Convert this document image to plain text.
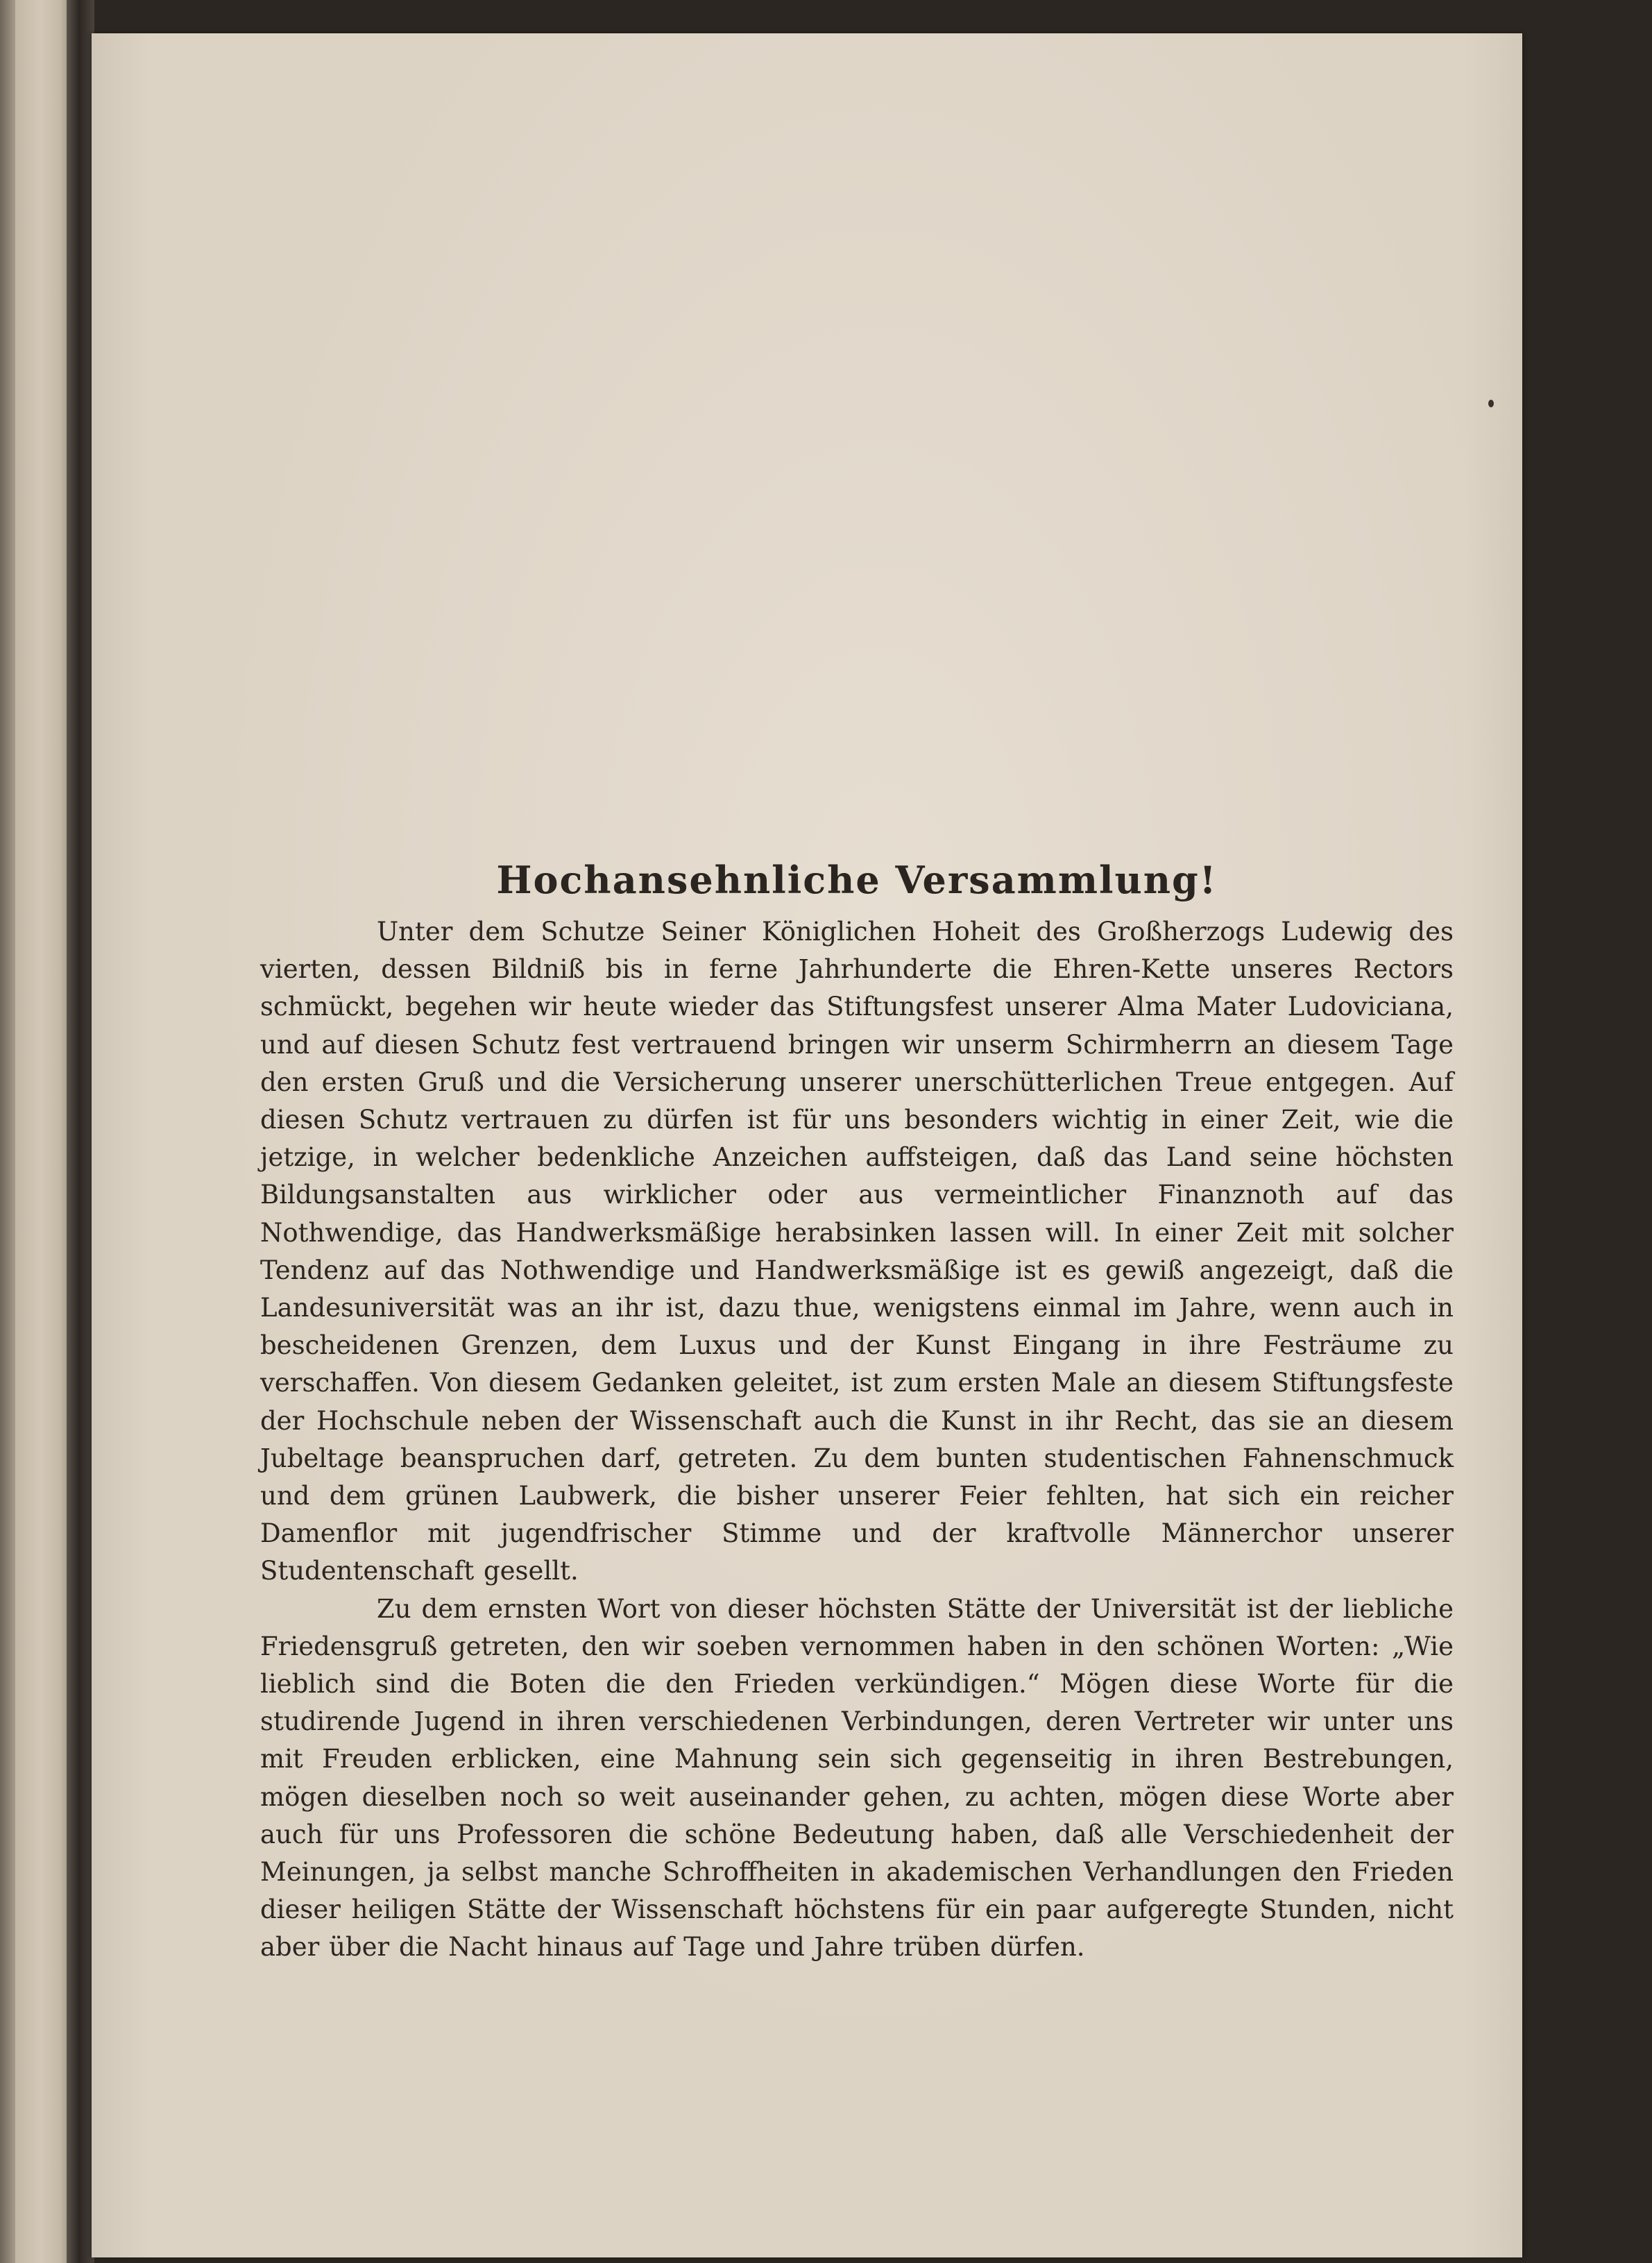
Hochansehnliche Versammlung!

Unter dem Schutze Seiner Königlichen Hoheit des Großherzogs Ludewig des vierten, dessen Bildniß bis in ferne Jahrhunderte die Ehren-Kette unseres Rectors schmückt, begehen wir heute wieder das Stiftungsfest unserer Alma Mater Ludoviciana, und auf diesen Schutz fest vertrauend bringen wir unserm Schirmherrn an diesem Tage den ersten Gruß und die Versicherung unserer unerschütterlichen Treue entgegen. Auf diesen Schutz vertrauen zu dürfen ist für uns besonders wichtig in einer Zeit, wie die jetzige, in welcher bedenkliche Anzeichen auffsteigen, daß das Land seine höchsten Bildungsanstalten aus wirklicher oder aus vermeintlicher Finanznoth auf das Nothwendige, das Handwerksmäßige herabsinken lassen will. In einer Zeit mit solcher Tendenz auf das Nothwendige und Handwerksmäßige ist es gewiß angezeigt, daß die Landesuniversität was an ihr ist, dazu thue, wenigstens einmal im Jahre, wenn auch in bescheidenen Grenzen, dem Luxus und der Kunst Eingang in ihre Festräume zu verschaffen. Von diesem Gedanken geleitet, ist zum ersten Male an diesem Stiftungsfeste der Hochschule neben der Wissenschaft auch die Kunst in ihr Recht, das sie an diesem Jubeltage beanspruchen darf, getreten. Zu dem bunten studentischen Fahnenschmuck und dem grünen Laubwerk, die bisher unserer Feier fehlten, hat sich ein reicher Damenflor mit jugendfrischer Stimme und der kraftvolle Männerchor unserer Studentenschaft gesellt.

Zu dem ernsten Wort von dieser höchsten Stätte der Universität ist der liebliche Friedensgruß getreten, den wir soeben vernommen haben in den schönen Worten: „Wie lieblich sind die Boten die den Frieden verkündigen.“ Mögen diese Worte für die studirende Jugend in ihren verschiedenen Verbindungen, deren Vertreter wir unter uns mit Freuden erblicken, eine Mahnung sein sich gegenseitig in ihren Bestrebungen, mögen dieselben noch so weit auseinander gehen, zu achten, mögen diese Worte aber auch für uns Professoren die schöne Bedeutung haben, daß alle Verschiedenheit der Meinungen, ja selbst manche Schroffheiten in akademischen Verhandlungen den Frieden dieser heiligen Stätte der Wissenschaft höchstens für ein paar aufgeregte Stunden, nicht aber über die Nacht hinaus auf Tage und Jahre trüben dürfen.
